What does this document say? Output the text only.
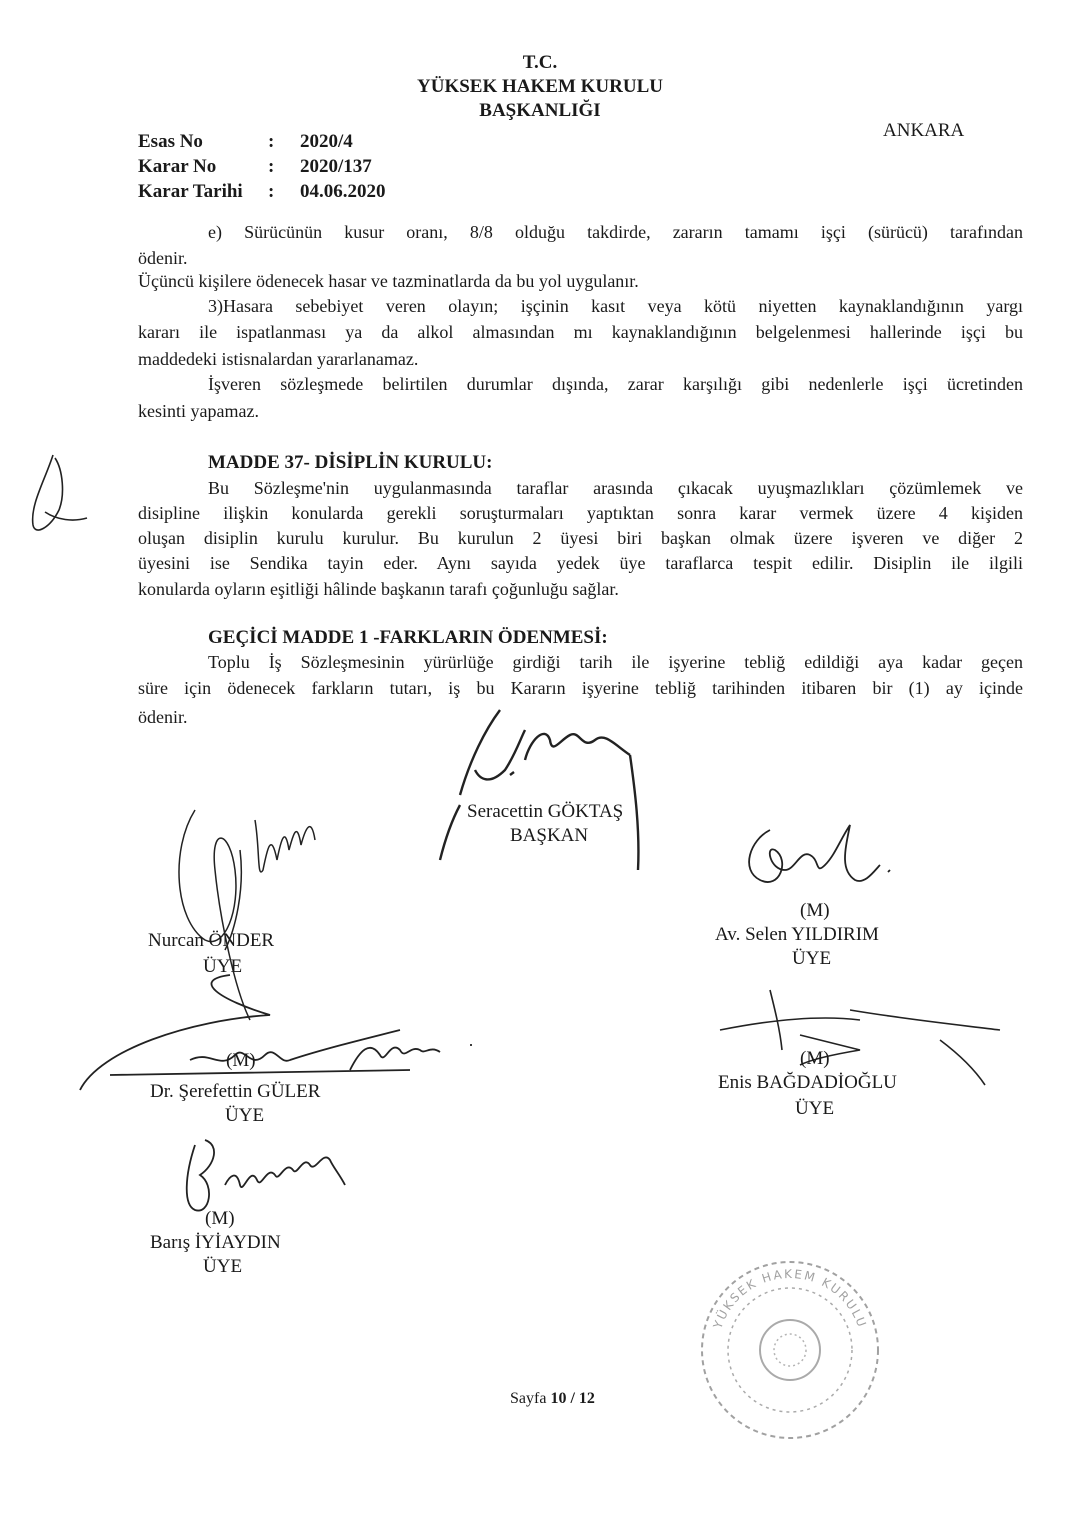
T.C.
YÜKSEK HAKEM KURULU
BAŞKANLIĞI
ANKARA
Esas No	: 2020/4
Karar No	: 2020/137
Karar Tarihi : 04.06.2020
e) Sürücünün kusur oranı, 8/8 olduğu takdirde, zararın tamamı işçi (sürücü) tarafından
ödenir.
Üçüncü kişilere ödenecek hasar ve tazminatlarda da bu yol uygulanır.
3)Hasara sebebiyet veren olayın; işçinin kasıt veya kötü niyetten kaynaklandığının yargı
kararı ile ispatlanması ya da alkol almasından mı kaynaklandığının belgelenmesi hallerinde işçi bu
maddedeki istisnalardan yararlanamaz.
İşveren sözleşmede belirtilen durumlar dışında, zarar karşılığı gibi nedenlerle işçi ücretinden
kesinti yapamaz.
MADDE 37- DİSİPLİN KURULU:
Bu Sözleşme'nin uygulanmasında taraflar arasında çıkacak uyuşmazlıkları çözümlemek ve
disipline ilişkin konularda gerekli soruşturmaları yaptıktan sonra karar vermek üzere 4 kişiden
oluşan disiplin kurulu kurulur. Bu kurulun 2 üyesi biri başkan olmak üzere işveren ve diğer 2
üyesini ise Sendika tayin eder. Aynı sayıda yedek üye taraflarca tespit edilir. Disiplin ile ilgili
konularda oyların eşitliği hâlinde başkanın tarafı çoğunluğu sağlar.
GEÇİCİ MADDE 1 -FARKLARIN ÖDENMESİ:
Toplu İş Sözleşmesinin yürürlüğe girdiği tarih ile işyerine tebliğ edildiği aya kadar geçen
süre için ödenecek farkların tutarı, iş bu Kararın işyerine tebliğ tarihinden itibaren bir (1) ay içinde
ödenir.
Seracettin GÖKTAŞ
BAŞKAN
Nurcan ÖNDER
ÜYE
(M)
Av. Selen YILDIRIM
ÜYE
(M)
Dr. Şerefettin GÜLER
ÜYE
(M)
Enis BAĞDADİOĞLU
ÜYE
(M)
Barış İYİAYDIN
ÜYE
YÜKSEK HAKEM KURULU
Sayfa 10 / 12
